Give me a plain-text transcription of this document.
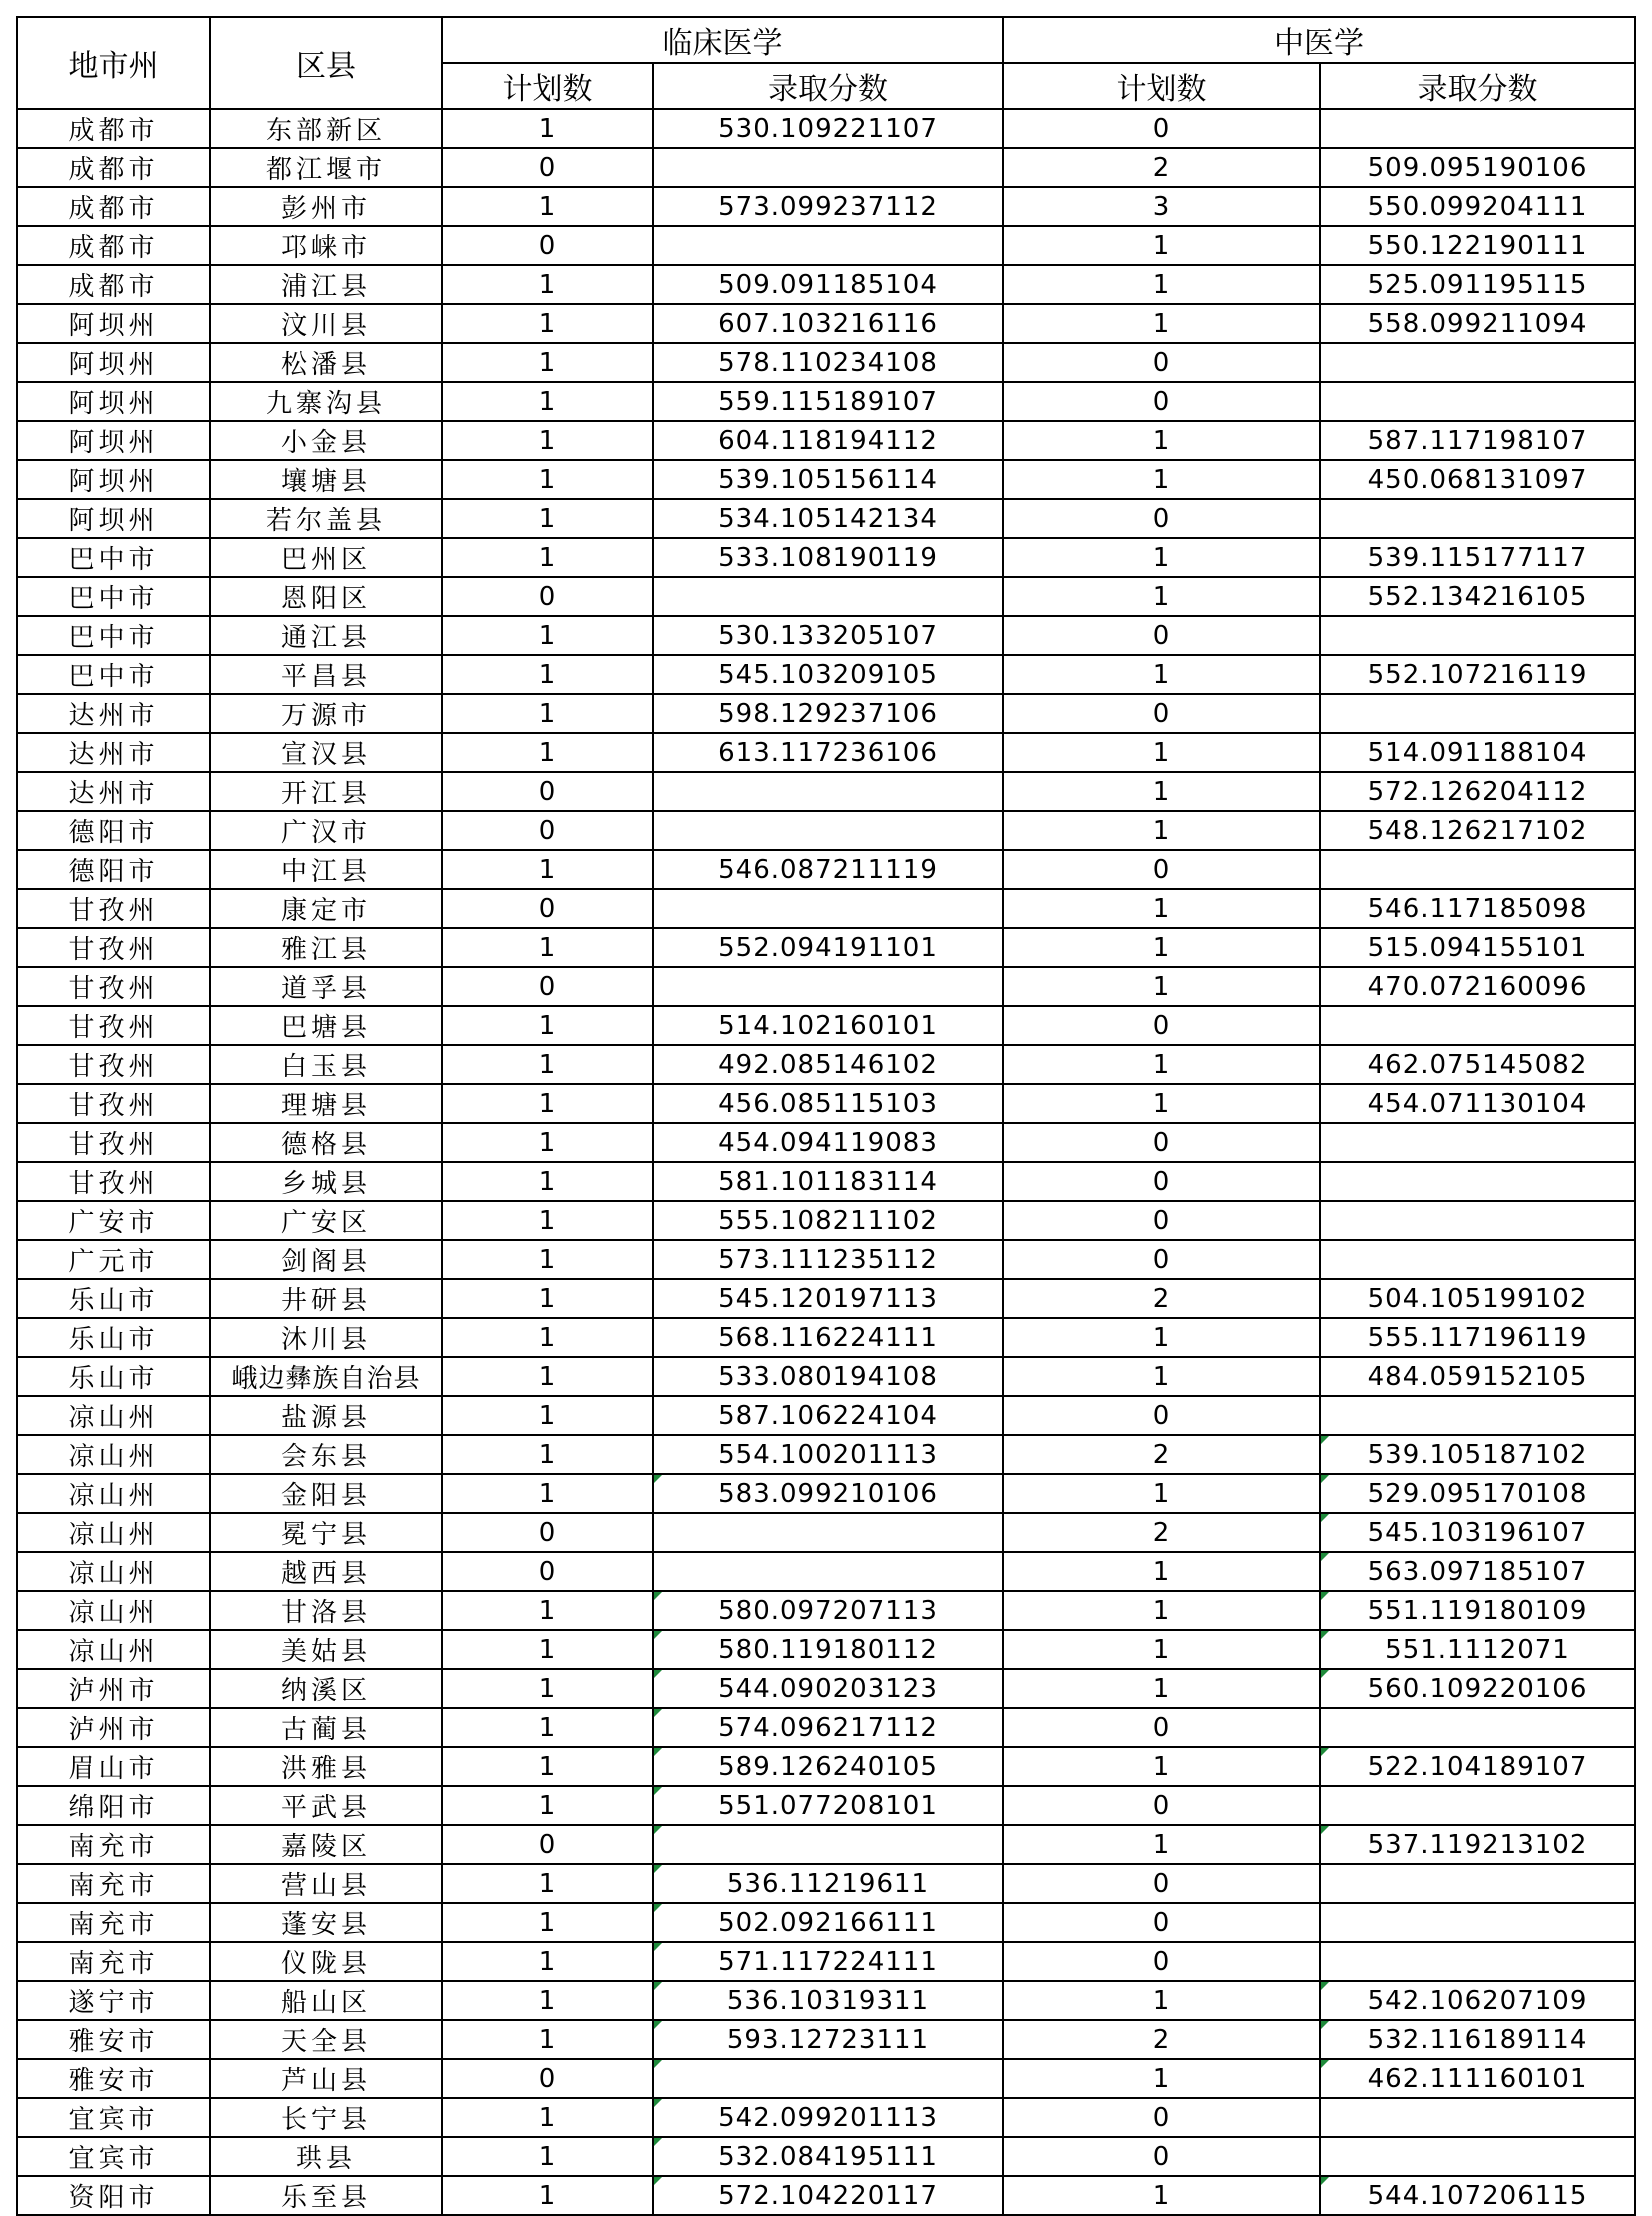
地市州	区县	临床医学		中医学	
		计划数	录取分数	计划数	录取分数
成都市	东部新区	1	530.109221107	0	
成都市	都江堰市	0		2	509.095190106
成都市	彭州市	1	573.099237112	3	550.099204111
成都市	邛崃市	0		1	550.122190111
成都市	浦江县	1	509.091185104	1	525.091195115
阿坝州	汶川县	1	607.103216116	1	558.099211094
阿坝州	松潘县	1	578.110234108	0	
阿坝州	九寨沟县	1	559.115189107	0	
阿坝州	小金县	1	604.118194112	1	587.117198107
阿坝州	壤塘县	1	539.105156114	1	450.068131097
阿坝州	若尔盖县	1	534.105142134	0	
巴中市	巴州区	1	533.108190119	1	539.115177117
巴中市	恩阳区	0		1	552.134216105
巴中市	通江县	1	530.133205107	0	
巴中市	平昌县	1	545.103209105	1	552.107216119
达州市	万源市	1	598.129237106	0	
达州市	宣汉县	1	613.117236106	1	514.091188104
达州市	开江县	0		1	572.126204112
德阳市	广汉市	0		1	548.126217102
德阳市	中江县	1	546.087211119	0	
甘孜州	康定市	0		1	546.117185098
甘孜州	雅江县	1	552.094191101	1	515.094155101
甘孜州	道孚县	0		1	470.072160096
甘孜州	巴塘县	1	514.102160101	0	
甘孜州	白玉县	1	492.085146102	1	462.075145082
甘孜州	理塘县	1	456.085115103	1	454.071130104
甘孜州	德格县	1	454.094119083	0	
甘孜州	乡城县	1	581.101183114	0	
广安市	广安区	1	555.108211102	0	
广元市	剑阁县	1	573.111235112	0	
乐山市	井研县	1	545.120197113	2	504.105199102
乐山市	沐川县	1	568.116224111	1	555.117196119
乐山市	峨边彝族自治县	1	533.080194108	1	484.059152105
凉山州	盐源县	1	587.106224104	0	
凉山州	会东县	1	554.100201113	2	539.105187102
凉山州	金阳县	1	583.099210106	1	529.095170108
凉山州	冕宁县	0		2	545.103196107
凉山州	越西县	0		1	563.097185107
凉山州	甘洛县	1	580.097207113	1	551.119180109
凉山州	美姑县	1	580.119180112	1	551.1112071
泸州市	纳溪区	1	544.090203123	1	560.109220106
泸州市	古蔺县	1	574.096217112	0	
眉山市	洪雅县	1	589.126240105	1	522.104189107
绵阳市	平武县	1	551.077208101	0	
南充市	嘉陵区	0		1	537.119213102
南充市	营山县	1	536.11219611	0	
南充市	蓬安县	1	502.092166111	0	
南充市	仪陇县	1	571.117224111	0	
遂宁市	船山区	1	536.10319311	1	542.106207109
雅安市	天全县	1	593.12723111	2	532.116189114
雅安市	芦山县	0		1	462.111160101
宜宾市	长宁县	1	542.099201113	0	
宜宾市	珙县	1	532.084195111	0	
资阳市	乐至县	1	572.104220117	1	544.107206115
